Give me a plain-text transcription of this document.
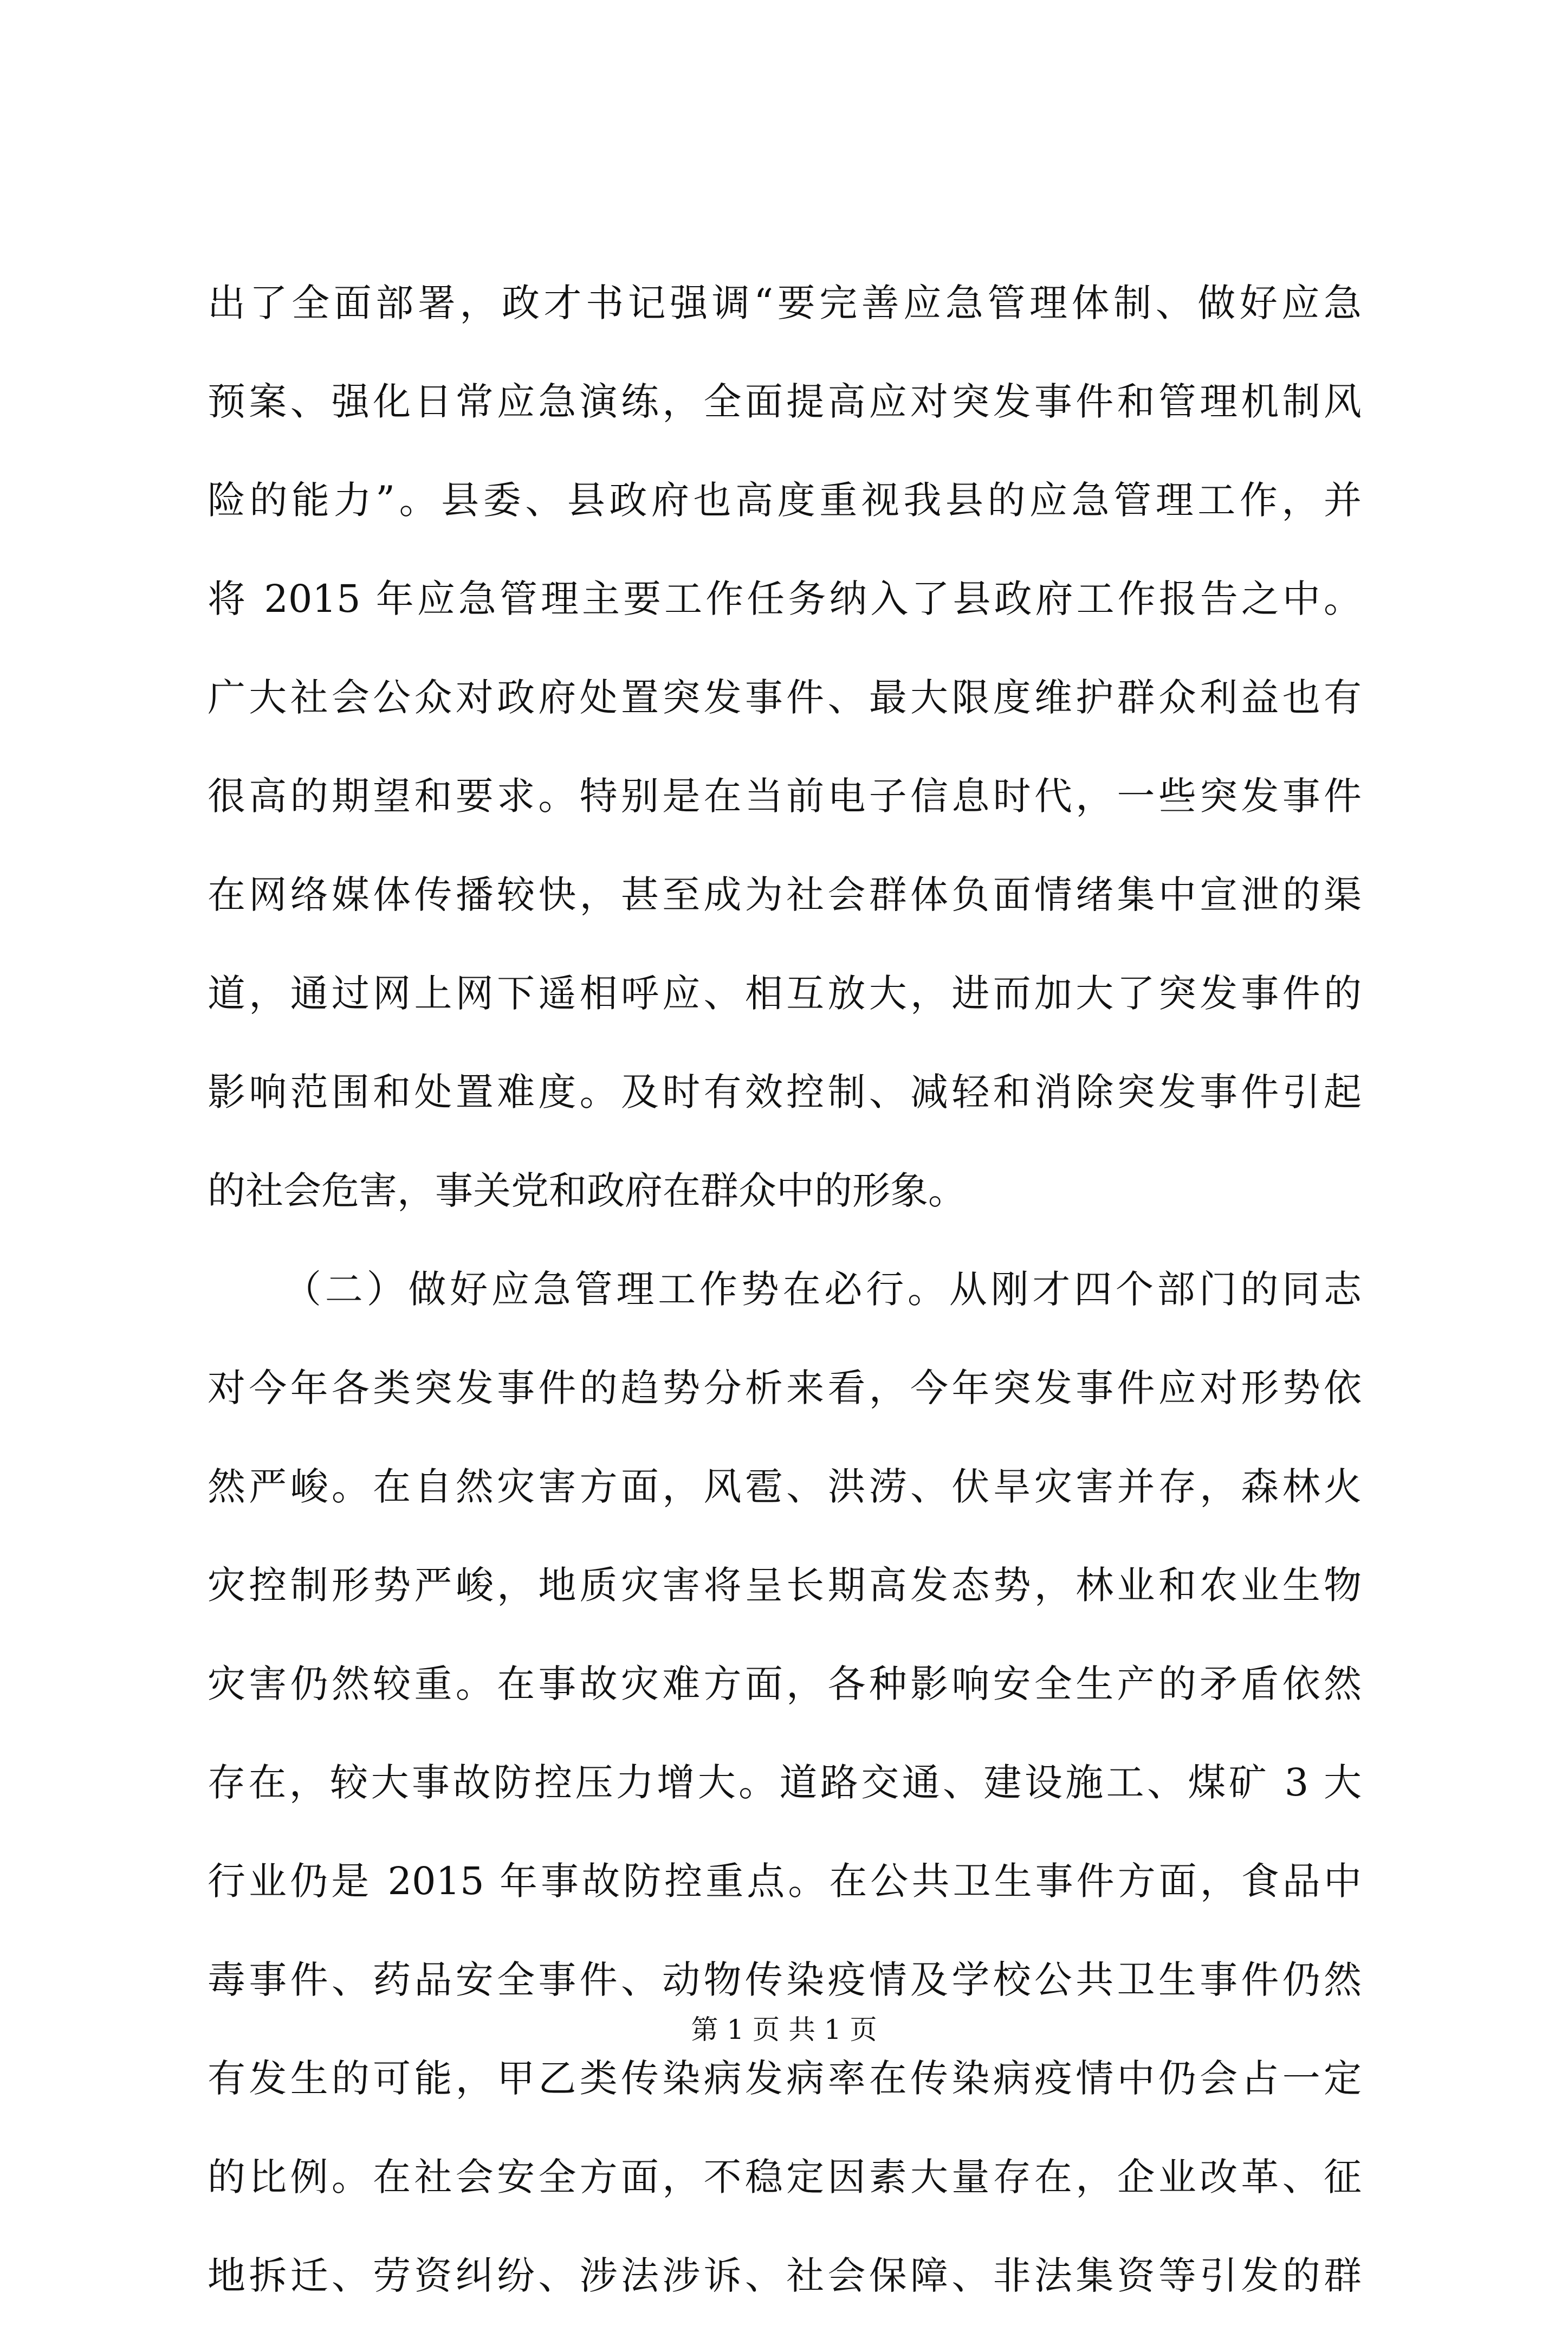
出了全面部署，政才书记强调“要完善应急管理体制、做好应急
预案、强化日常应急演练，全面提高应对突发事件和管理机制风
险的能力”。县委、县政府也高度重视我县的应急管理工作，并
将 2015 年应急管理主要工作任务纳入了县政府工作报告之中。
广大社会公众对政府处置突发事件、最大限度维护群众利益也有
很高的期望和要求。特别是在当前电子信息时代，一些突发事件
在网络媒体传播较快，甚至成为社会群体负面情绪集中宣泄的渠
道，通过网上网下遥相呼应、相互放大，进而加大了突发事件的
影响范围和处置难度。及时有效控制、减轻和消除突发事件引起
的社会危害，事关党和政府在群众中的形象。
（二）做好应急管理工作势在必行。从刚才四个部门的同志
对今年各类突发事件的趋势分析来看，今年突发事件应对形势依
然严峻。在自然灾害方面，风雹、洪涝、伏旱灾害并存，森林火
灾控制形势严峻，地质灾害将呈长期高发态势，林业和农业生物
灾害仍然较重。在事故灾难方面，各种影响安全生产的矛盾依然
存在，较大事故防控压力增大。道路交通、建设施工、煤矿 3 大
行业仍是 2015 年事故防控重点。在公共卫生事件方面，食品中
毒事件、药品安全事件、动物传染疫情及学校公共卫生事件仍然
有发生的可能，甲乙类传染病发病率在传染病疫情中仍会占一定
的比例。在社会安全方面，不稳定因素大量存在，企业改革、征
地拆迁、劳资纠纷、涉法涉诉、社会保障、非法集资等引发的群
第 1 页 共 1 页
